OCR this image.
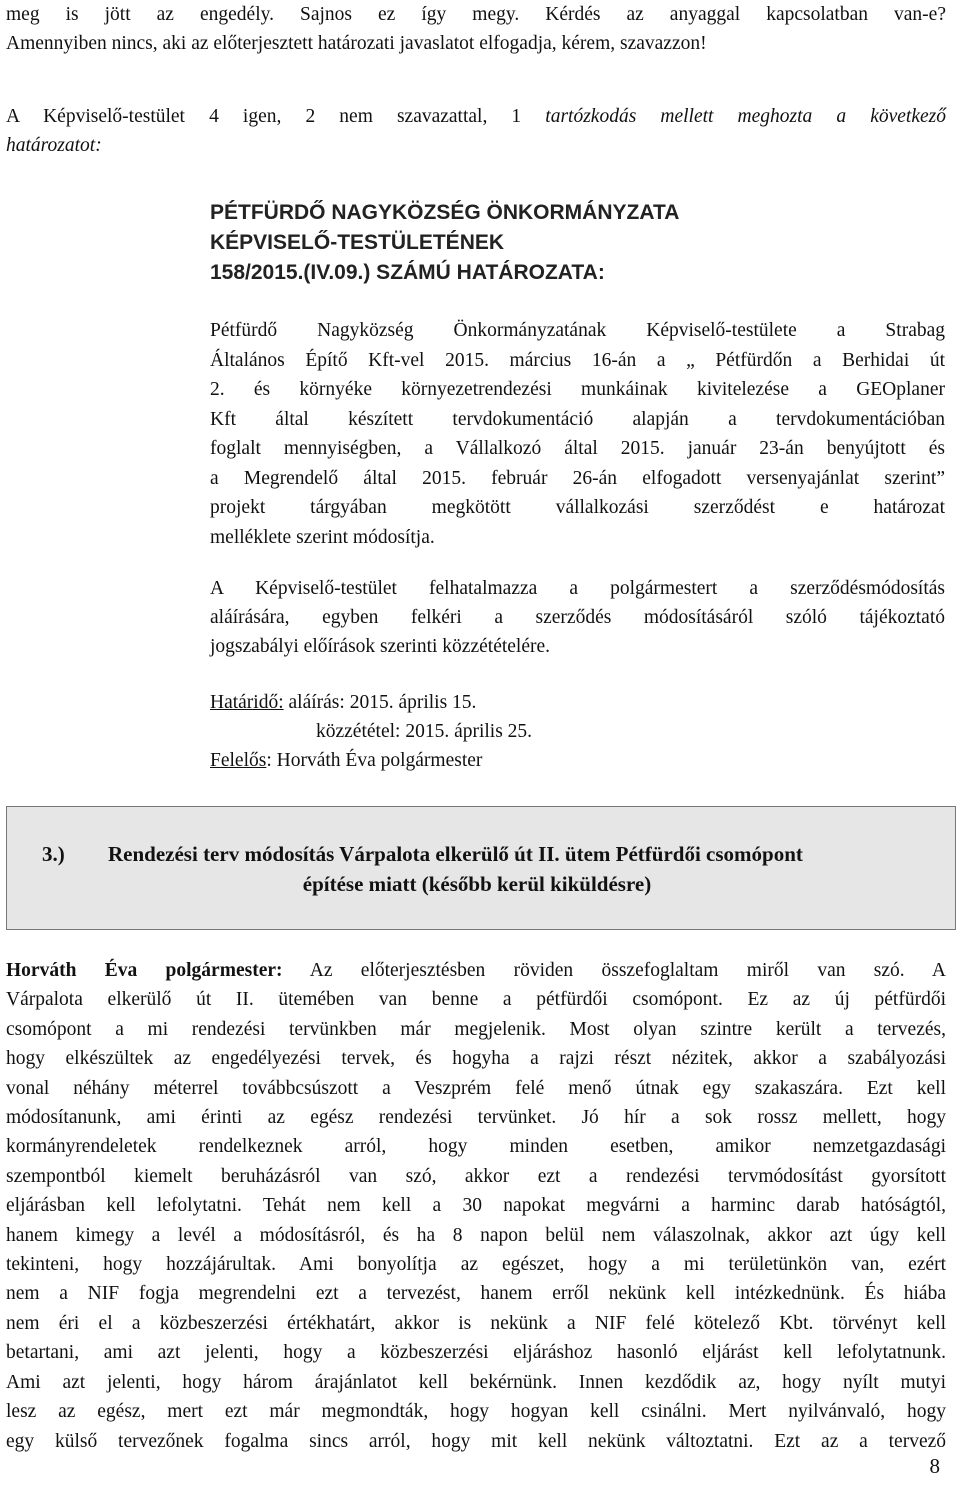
meg is jött az engedély. Sajnos ez így megy. Kérdés az anyaggal kapcsolatban van-e?
Amennyiben nincs, aki az előterjesztett határozati javaslatot elfogadja, kérem, szavazzon!
A Képviselő-testület 4 igen, 2 nem szavazattal, 1 tartózkodás mellett meghozta a következő
határozatot:
PÉTFÜRDŐ NAGYKÖZSÉG ÖNKORMÁNYZATA
KÉPVISELŐ-TESTÜLETÉNEK
158/2015.(IV.09.) SZÁMÚ HATÁROZATA:
Pétfürdő Nagyközség Önkormányzatának Képviselő-testülete a Strabag
Általános Építő Kft-vel 2015. március 16-án a „ Pétfürdőn a Berhidai út
2. és környéke környezetrendezési munkáinak kivitelezése a GEOplaner
Kft által készített tervdokumentáció alapján a tervdokumentációban
foglalt mennyiségben, a Vállalkozó által 2015. január 23-án benyújtott és
a Megrendelő által 2015. február 26-án elfogadott versenyajánlat szerint”
projekt tárgyában megkötött vállalkozási szerződést e határozat
melléklete szerint módosítja.
A Képviselő-testület felhatalmazza a polgármestert a szerződésmódosítás
aláírására, egyben felkéri a szerződés módosításáról szóló tájékoztató
jogszabályi előírások szerinti közzétételére.
Határidő: aláírás: 2015. április 15.
közzététel: 2015. április 25.
Felelős: Horváth Éva polgármester
3.) Rendezési terv módosítás Várpalota elkerülő út II. ütem Pétfürdői csomópont
építése miatt (később kerül kiküldésre)
Horváth Éva polgármester: Az előterjesztésben röviden összefoglaltam miről van szó. A
Várpalota elkerülő út II. ütemében van benne a pétfürdői csomópont. Ez az új pétfürdői
csomópont a mi rendezési tervünkben már megjelenik. Most olyan szintre került a tervezés,
hogy elkészültek az engedélyezési tervek, és hogyha a rajzi részt nézitek, akkor a szabályozási
vonal néhány méterrel továbbcsúszott a Veszprém felé menő útnak egy szakaszára. Ezt kell
módosítanunk, ami érinti az egész rendezési tervünket. Jó hír a sok rossz mellett, hogy
kormányrendeletek rendelkeznek arról, hogy minden esetben, amikor nemzetgazdasági
szempontból kiemelt beruházásról van szó, akkor ezt a rendezési tervmódosítást gyorsított
eljárásban kell lefolytatni. Tehát nem kell a 30 napokat megvárni a harminc darab hatóságtól,
hanem kimegy a levél a módosításról, és ha 8 napon belül nem válaszolnak, akkor azt úgy kell
tekinteni, hogy hozzájárultak. Ami bonyolítja az egészet, hogy a mi területünkön van, ezért
nem a NIF fogja megrendelni ezt a tervezést, hanem erről nekünk kell intézkednünk. És hiába
nem éri el a közbeszerzési értékhatárt, akkor is nekünk a NIF felé kötelező Kbt. törvényt kell
betartani, ami azt jelenti, hogy a közbeszerzési eljáráshoz hasonló eljárást kell lefolytatnunk.
Ami azt jelenti, hogy három árajánlatot kell bekérnünk. Innen kezdődik az, hogy nyílt mutyi
lesz az egész, mert ezt már megmondták, hogy hogyan kell csinálni. Mert nyilvánvaló, hogy
egy külső tervezőnek fogalma sincs arról, hogy mit kell nekünk változtatni. Ezt az a tervező
8
